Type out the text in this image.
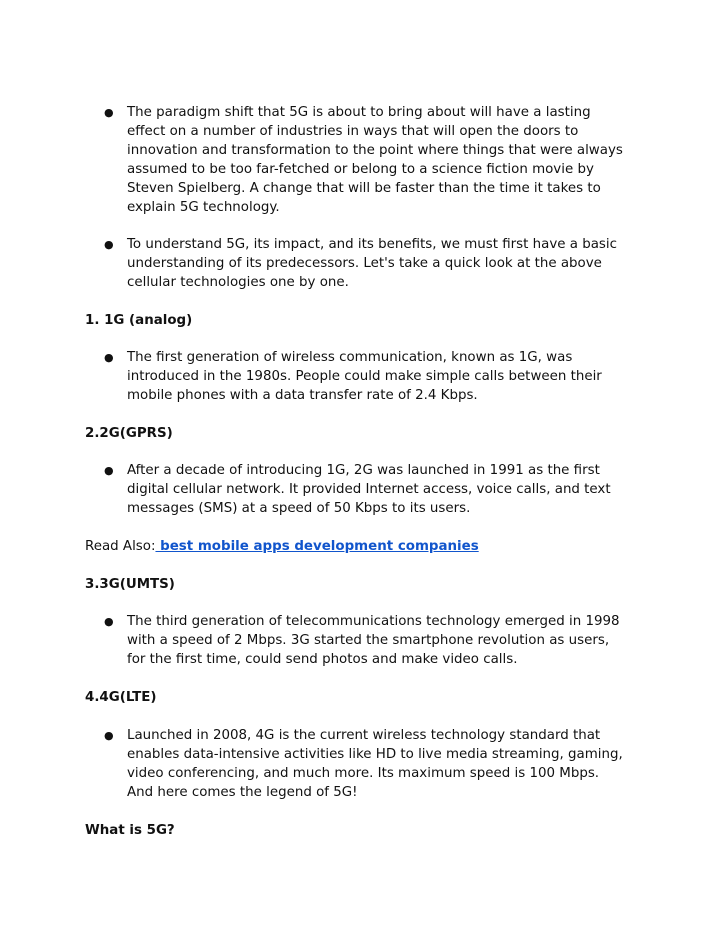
● The paradigm shift that 5G is about to bring about will have a lasting
effect on a number of industries in ways that will open the doors to
innovation and transformation to the point where things that were always
assumed to be too far-fetched or belong to a science fiction movie by
Steven Spielberg. A change that will be faster than the time it takes to
explain 5G technology.
● To understand 5G, its impact, and its benefits, we must first have a basic
understanding of its predecessors. Let's take a quick look at the above
cellular technologies one by one.
1. 1G (analog)
● The first generation of wireless communication, known as 1G, was
introduced in the 1980s. People could make simple calls between their
mobile phones with a data transfer rate of 2.4 Kbps.
2.2G(GPRS)
● After a decade of introducing 1G, 2G was launched in 1991 as the first
digital cellular network. It provided Internet access, voice calls, and text
messages (SMS) at a speed of 50 Kbps to its users.
Read Also: best mobile apps development companies
3.3G(UMTS)
● The third generation of telecommunications technology emerged in 1998
with a speed of 2 Mbps. 3G started the smartphone revolution as users,
for the first time, could send photos and make video calls.
4.4G(LTE)
● Launched in 2008, 4G is the current wireless technology standard that
enables data-intensive activities like HD to live media streaming, gaming,
video conferencing, and much more. Its maximum speed is 100 Mbps.
And here comes the legend of 5G!
What is 5G?
